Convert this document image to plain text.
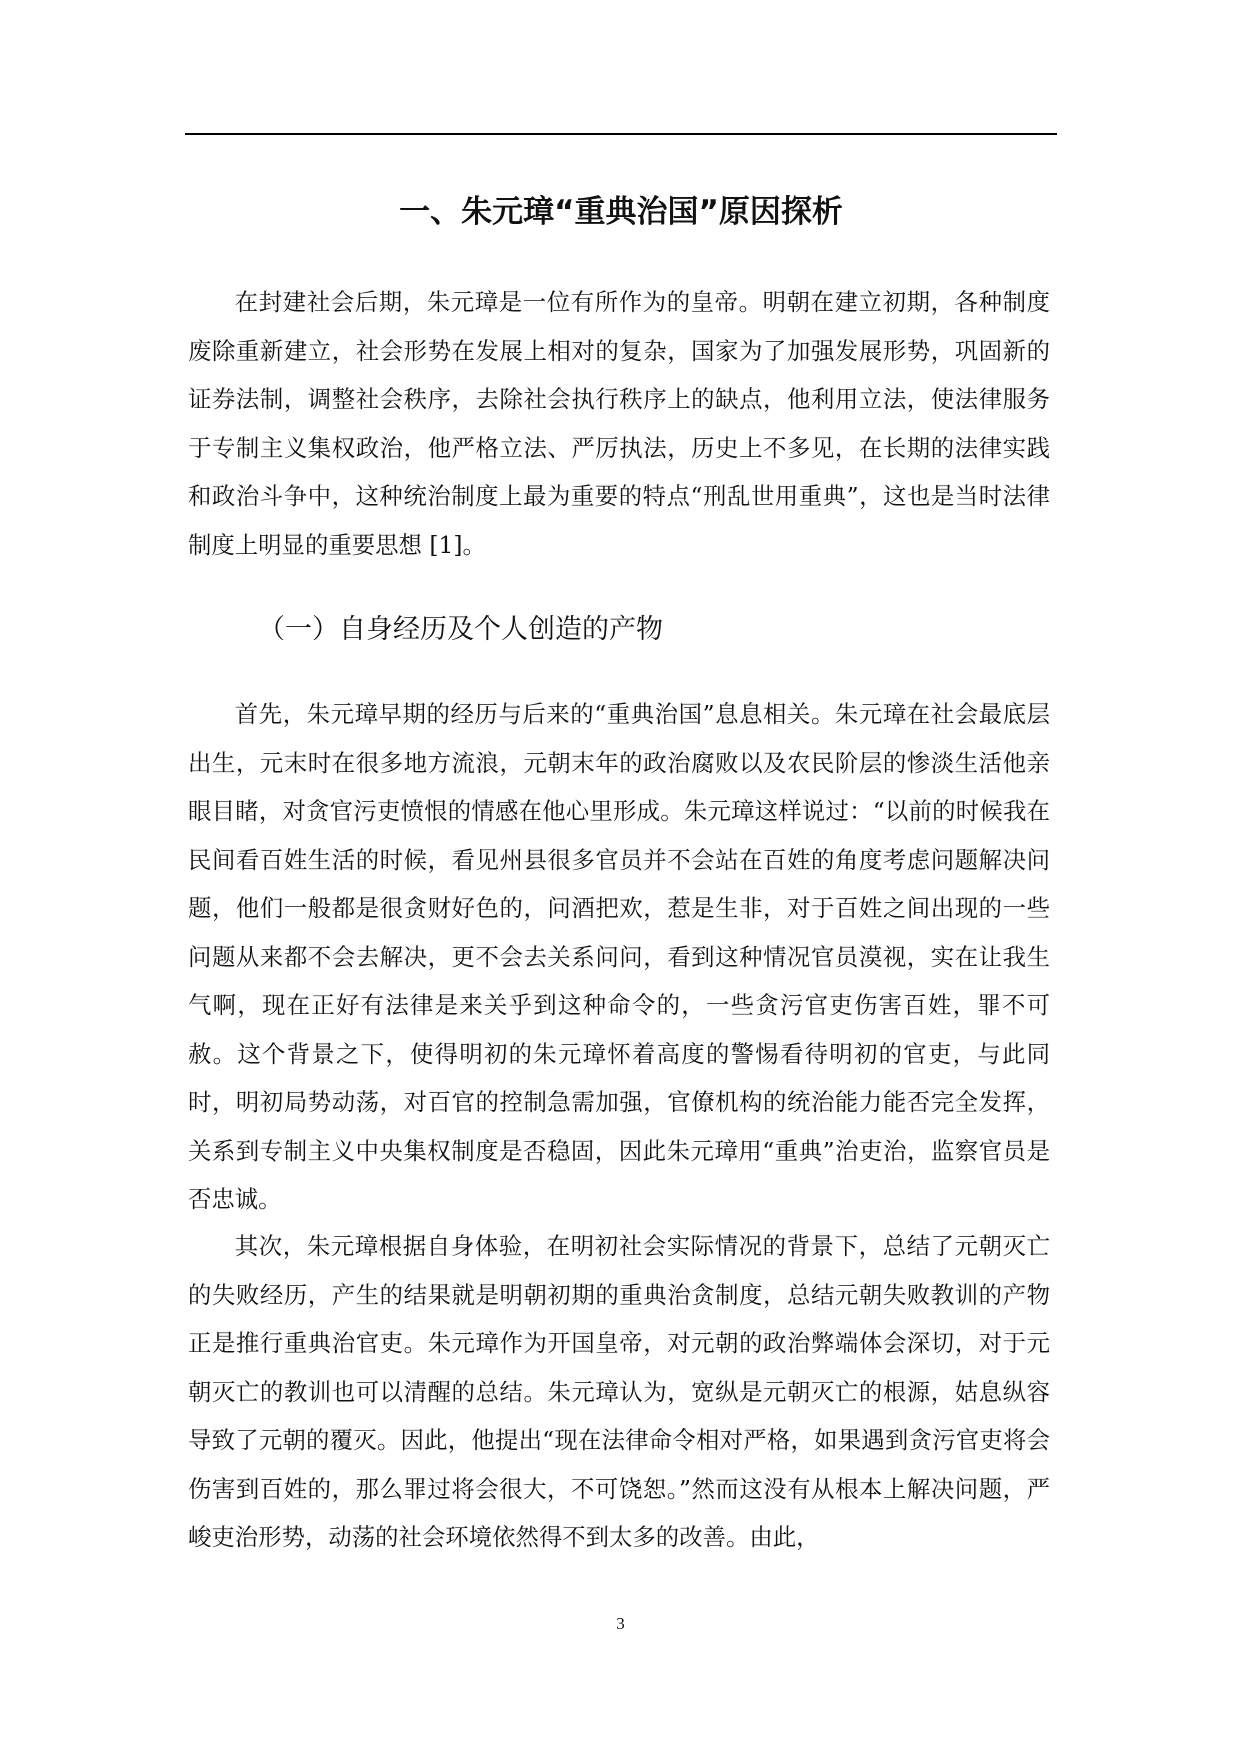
一、朱元璋“重典治国”原因探析

在封建社会后期，朱元璋是一位有所作为的皇帝。明朝在建立初期，各种制度废除重新建立，社会形势在发展上相对的复杂，国家为了加强发展形势，巩固新的证券法制，调整社会秩序，去除社会执行秩序上的缺点，他利用立法，使法律服务于专制主义集权政治，他严格立法、严厉执法，历史上不多见，在长期的法律实践和政治斗争中，这种统治制度上最为重要的特点“刑乱世用重典”，这也是当时法律制度上明显的重要思想 [1]。

（一）自身经历及个人创造的产物

首先，朱元璋早期的经历与后来的“重典治国”息息相关。朱元璋在社会最底层出生，元末时在很多地方流浪，元朝末年的政治腐败以及农民阶层的惨淡生活他亲眼目睹，对贪官污吏愤恨的情感在他心里形成。朱元璋这样说过：“以前的时候我在民间看百姓生活的时候，看见州县很多官员并不会站在百姓的角度考虑问题解决问题，他们一般都是很贪财好色的，问酒把欢，惹是生非，对于百姓之间出现的一些问题从来都不会去解决，更不会去关系问问，看到这种情况官员漠视，实在让我生气啊，现在正好有法律是来关乎到这种命令的，一些贪污官吏伤害百姓，罪不可赦。这个背景之下，使得明初的朱元璋怀着高度的警惕看待明初的官吏，与此同时，明初局势动荡，对百官的控制急需加强，官僚机构的统治能力能否完全发挥，关系到专制主义中央集权制度是否稳固，因此朱元璋用“重典”治吏治，监察官员是否忠诚。

其次，朱元璋根据自身体验，在明初社会实际情况的背景下，总结了元朝灭亡的失败经历，产生的结果就是明朝初期的重典治贪制度，总结元朝失败教训的产物正是推行重典治官吏。朱元璋作为开国皇帝，对元朝的政治弊端体会深切，对于元朝灭亡的教训也可以清醒的总结。朱元璋认为，宽纵是元朝灭亡的根源，姑息纵容导致了元朝的覆灭。因此，他提出“现在法律命令相对严格，如果遇到贪污官吏将会伤害到百姓的，那么罪过将会很大，不可饶恕。”然而这没有从根本上解决问题，严峻吏治形势，动荡的社会环境依然得不到太多的改善。由此，

3
